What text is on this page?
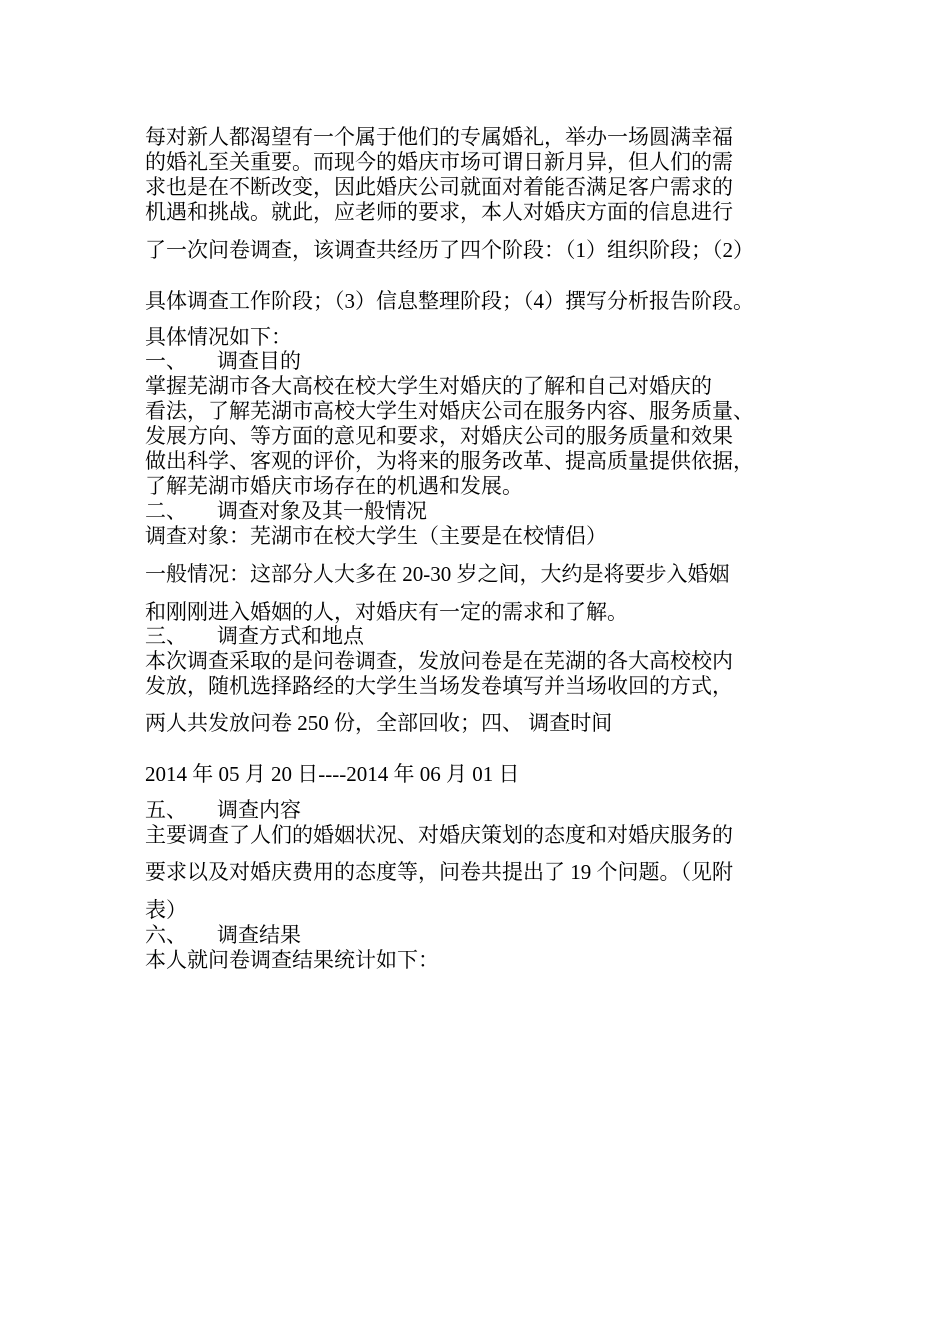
每对新人都渴望有一个属于他们的专属婚礼，举办一场圆满幸福
的婚礼至关重要。而现今的婚庆市场可谓日新月异，但人们的需
求也是在不断改变，因此婚庆公司就面对着能否满足客户需求的
机遇和挑战。就此，应老师的要求，本人对婚庆方面的信息进行
了一次问卷调查，该调查共经历了四个阶段：（1）组织阶段；（2）
具体调查工作阶段；（3）信息整理阶段；（4）撰写分析报告阶段。
具体情况如下：
一、 调查目的
掌握芜湖市各大高校在校大学生对婚庆的了解和自己对婚庆的
看法，了解芜湖市高校大学生对婚庆公司在服务内容、服务质量、
发展方向、等方面的意见和要求，对婚庆公司的服务质量和效果
做出科学、客观的评价，为将来的服务改革、提高质量提供依据，
了解芜湖市婚庆市场存在的机遇和发展。
二、 调查对象及其一般情况
调查对象：芜湖市在校大学生（主要是在校情侣）
一般情况：这部分人大多在 20-30 岁之间，大约是将要步入婚姻
和刚刚进入婚姻的人，对婚庆有一定的需求和了解。
三、 调查方式和地点
本次调查采取的是问卷调查，发放问卷是在芜湖的各大高校校内
发放，随机选择路经的大学生当场发卷填写并当场收回的方式，
两人共发放问卷 250 份，全部回收；四、 调查时间
2014 年 05 月 20 日----2014 年 06 月 01 日
五、 调查内容
主要调查了人们的婚姻状况、对婚庆策划的态度和对婚庆服务的
要求以及对婚庆费用的态度等，问卷共提出了 19 个问题。（见附
表）
六、 调查结果
本人就问卷调查结果统计如下：
